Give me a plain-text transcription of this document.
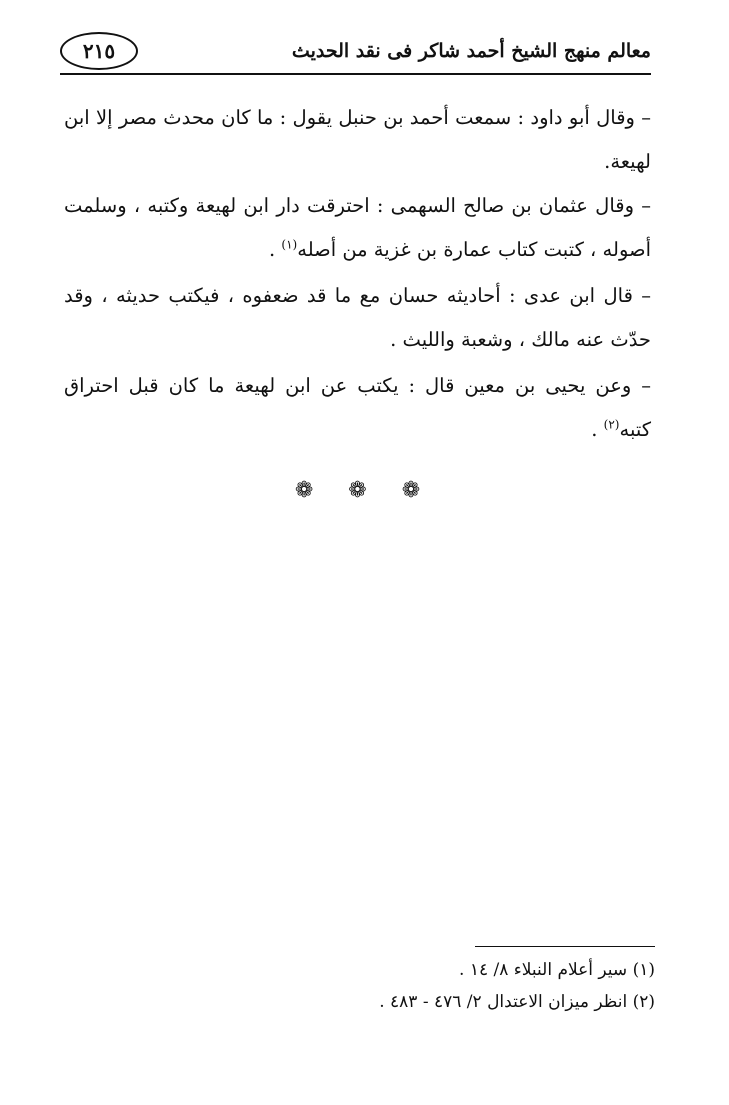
معالم منهج الشيخ أحمد شاكر فى نقد الحديث
٢١٥
– وقال أبو داود : سمعت أحمد بن حنبل يقول : ما كان محدث مصر إلا ابن لهيعة.
– وقال عثمان بن صالح السهمى : احترقت دار ابن لهيعة وكتبه ، وسلمت أصوله ، كتبت كتاب عمارة بن غزية من أصله$^{(١)}$ .
– قال ابن عدى : أحاديثه حسان مع ما قد ضعفوه ، فيكتب حديثه ، وقد حدّث عنه مالك ، وشعبة والليث .
– وعن يحيى بن معين قال : يكتب عن ابن لهيعة ما كان قبل احتراق كتبه$^{(٢)}$ .
❁ ❁ ❁
(١) سير أعلام النبلاء ٨/ ١٤ .
(٢) انظر ميزان الاعتدال ٢/ ٤٧٦ - ٤٨٣ .
